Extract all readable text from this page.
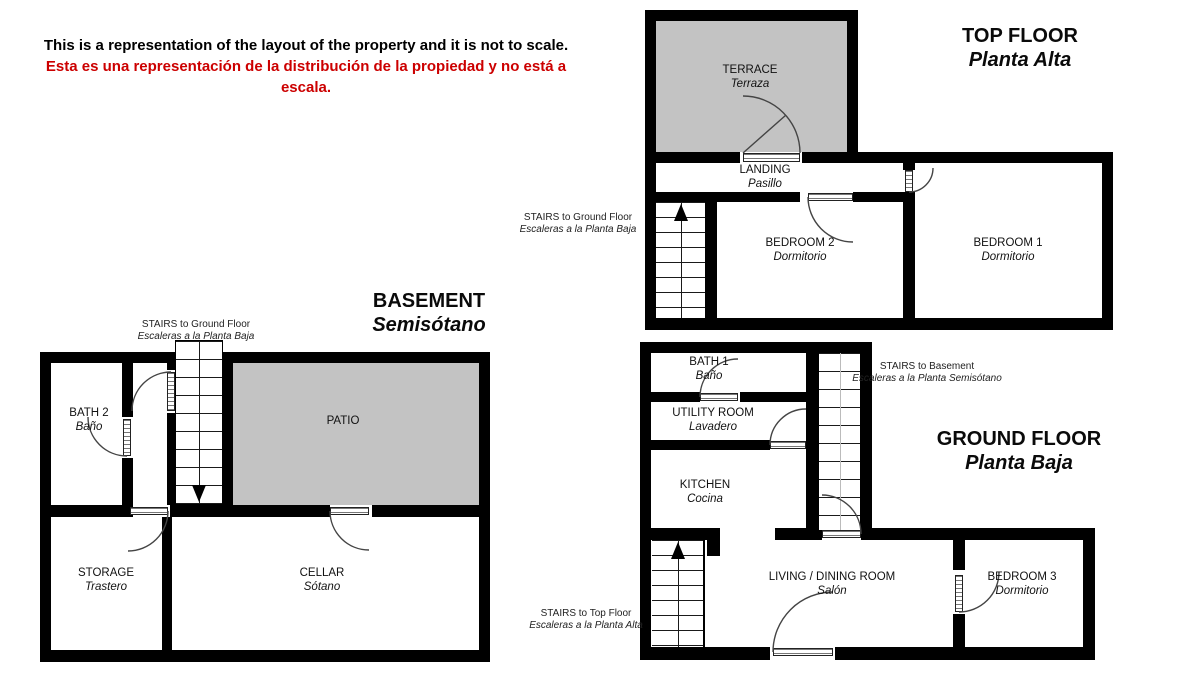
This is a representation of the layout of the property and it is not to scale.
Esta es una representación de la distribución de la propiedad y no está a escala.
TOP FLOOR
Planta Alta
BASEMENT
Semisótano
GROUND FLOOR
Planta Baja
TERRACE
Terraza
LANDING
Pasillo
BEDROOM 2
Dormitorio
BEDROOM 1
Dormitorio
BATH 2
Baño	PATIO
STORAGE
Trastero
CELLAR
Sótano
BATH 1
Baño
UTILITY ROOM
Lavadero
KITCHEN
Cocina
LIVING / DINING ROOM
Salón
BEDROOM 3
Dormitorio
STAIRS to Ground Floor
Escaleras a la Planta Baja
STAIRS to Ground Floor
Escaleras a la Planta Baja
STAIRS to Basement
Escaleras a la Planta Semisótano
STAIRS to Top Floor
Escaleras a la Planta Alta
